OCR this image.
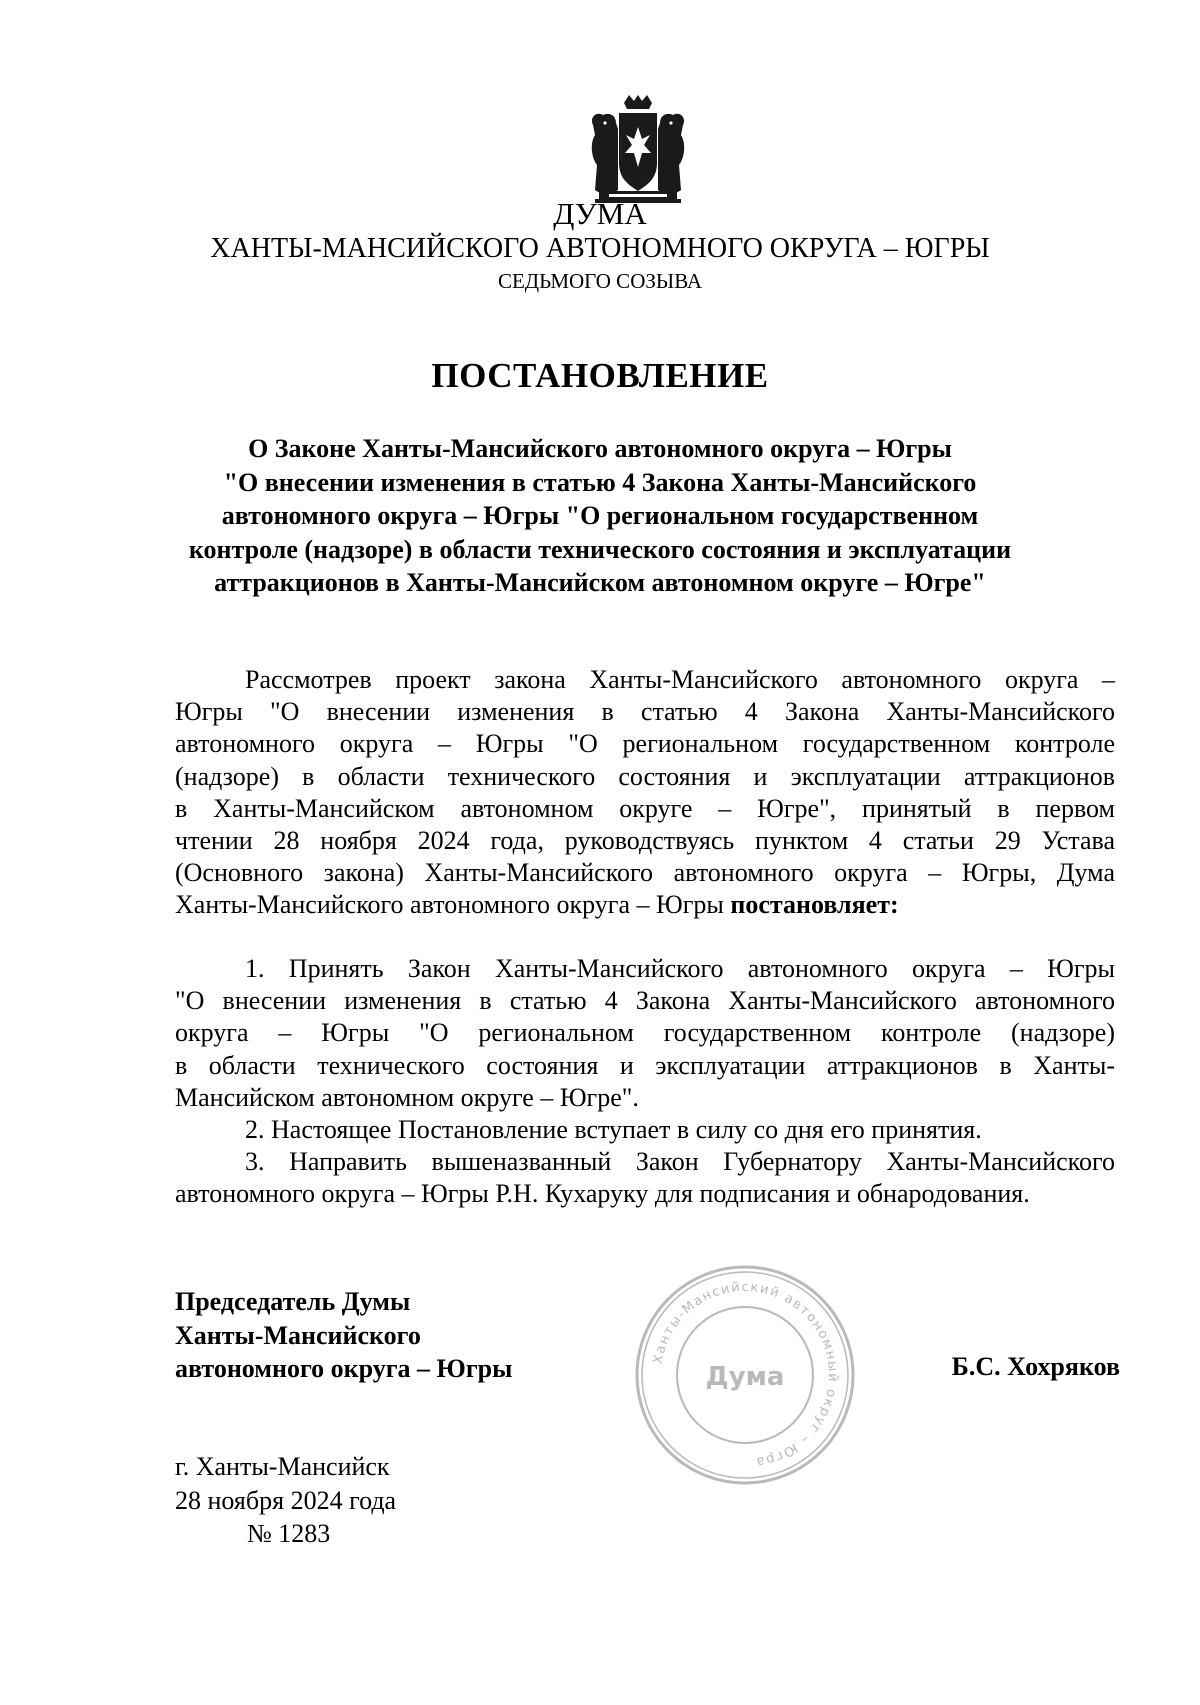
ДУМА
ХАНТЫ-МАНСИЙСКОГО АВТОНОМНОГО ОКРУГА – ЮГРЫ
СЕДЬМОГО СОЗЫВА
ПОСТАНОВЛЕНИЕ
О Законе Ханты-Мансийского автономного округа – Югры
"О внесении изменения в статью 4 Закона Ханты-Мансийского
автономного округа – Югры "О региональном государственном
контроле (надзоре) в области технического состояния и эксплуатации
аттракционов в Ханты-Мансийском автономном округе – Югре"
Рассмотрев проект закона Ханты-Мансийского автономного округа –
Югры "О внесении изменения в статью 4 Закона Ханты-Мансийского
автономного округа – Югры "О региональном государственном контроле
(надзоре) в области технического состояния и эксплуатации аттракционов
в Ханты-Мансийском автономном округе – Югре", принятый в первом
чтении 28 ноября 2024 года, руководствуясь пунктом 4 статьи 29 Устава
(Основного закона) Ханты-Мансийского автономного округа – Югры, Дума
Ханты-Мансийского автономного округа – Югры постановляет:
1. Принять Закон Ханты-Мансийского автономного округа – Югры
"О внесении изменения в статью 4 Закона Ханты-Мансийского автономного
округа – Югры "О региональном государственном контроле (надзоре)
в области технического состояния и эксплуатации аттракционов в Ханты-
Мансийском автономном округе – Югре".
2. Настоящее Постановление вступает в силу со дня его принятия.
3. Направить вышеназванный Закон Губернатору Ханты-Мансийского
автономного округа – Югры Р.Н. Кухаруку для подписания и обнародования.
Председатель Думы
Ханты-Мансийского
автономного округа – Югры	Ханты-Мансийский автономный округ – Югра
Дума	Б.С. Хохряков
г. Ханты-Мансийск
28 ноября 2024 года
№ 1283
